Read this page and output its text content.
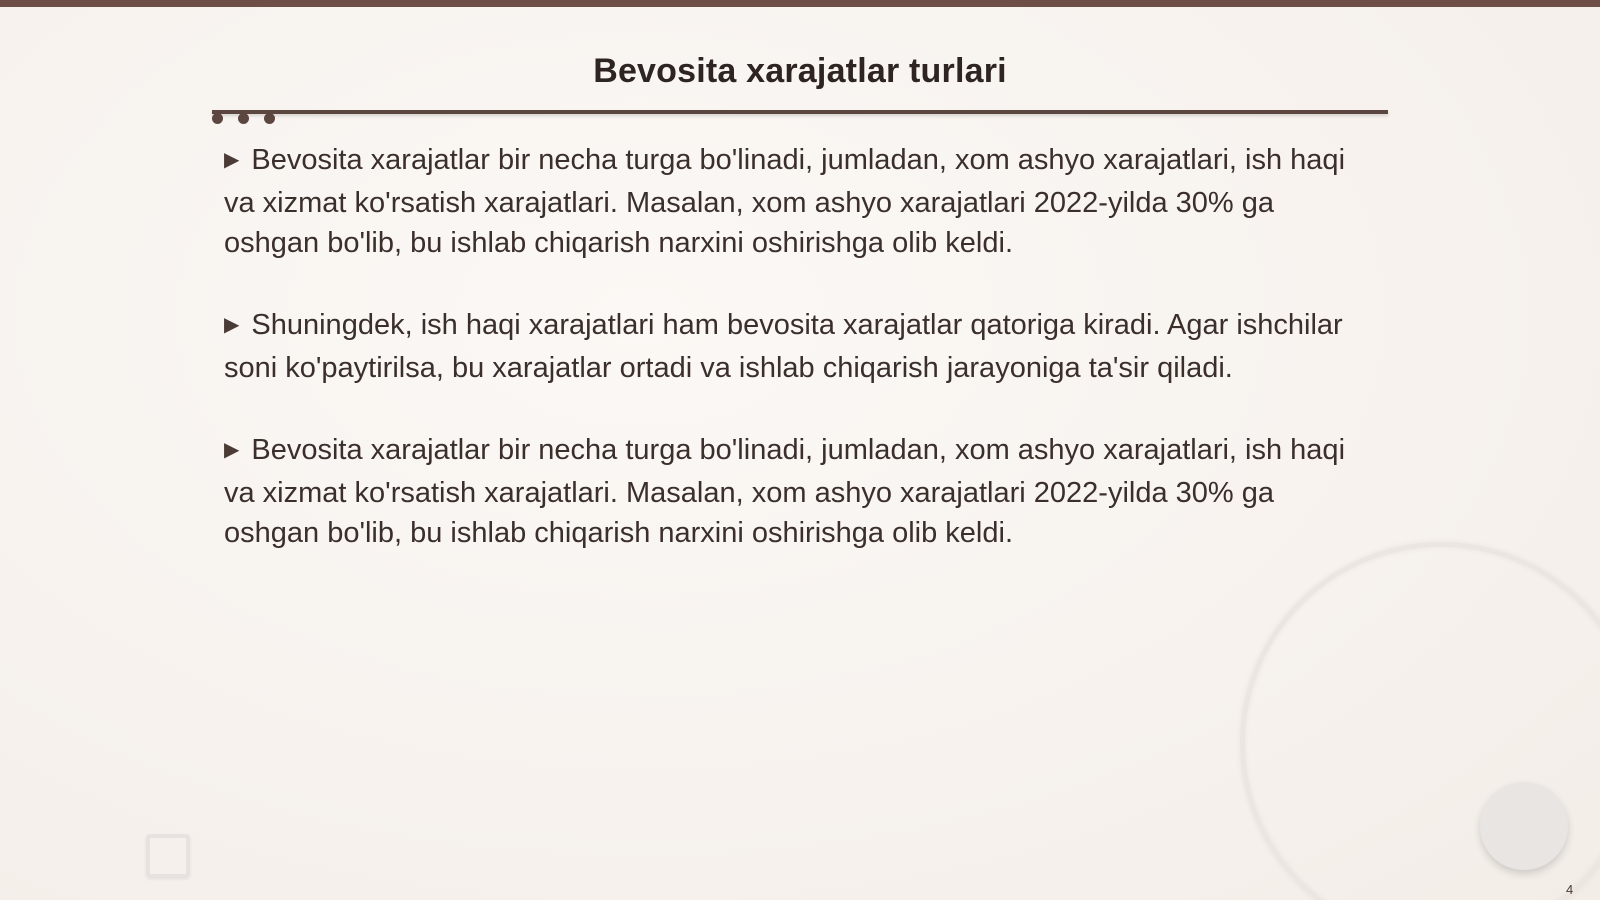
Bevosita xarajatlar turlari

▶ Bevosita xarajatlar bir necha turga bo'linadi, jumladan, xom ashyo xarajatlari, ish haqi va xizmat ko'rsatish xarajatlari. Masalan, xom ashyo xarajatlari 2022-yilda 30% ga oshgan bo'lib, bu ishlab chiqarish narxini oshirishga olib keldi.

▶ Shuningdek, ish haqi xarajatlari ham bevosita xarajatlar qatoriga kiradi. Agar ishchilar soni ko'paytirilsa, bu xarajatlar ortadi va ishlab chiqarish jarayoniga ta'sir qiladi.

▶ Bevosita xarajatlar bir necha turga bo'linadi, jumladan, xom ashyo xarajatlari, ish haqi va xizmat ko'rsatish xarajatlari. Masalan, xom ashyo xarajatlari 2022-yilda 30% ga oshgan bo'lib, bu ishlab chiqarish narxini oshirishga olib keldi.

4
